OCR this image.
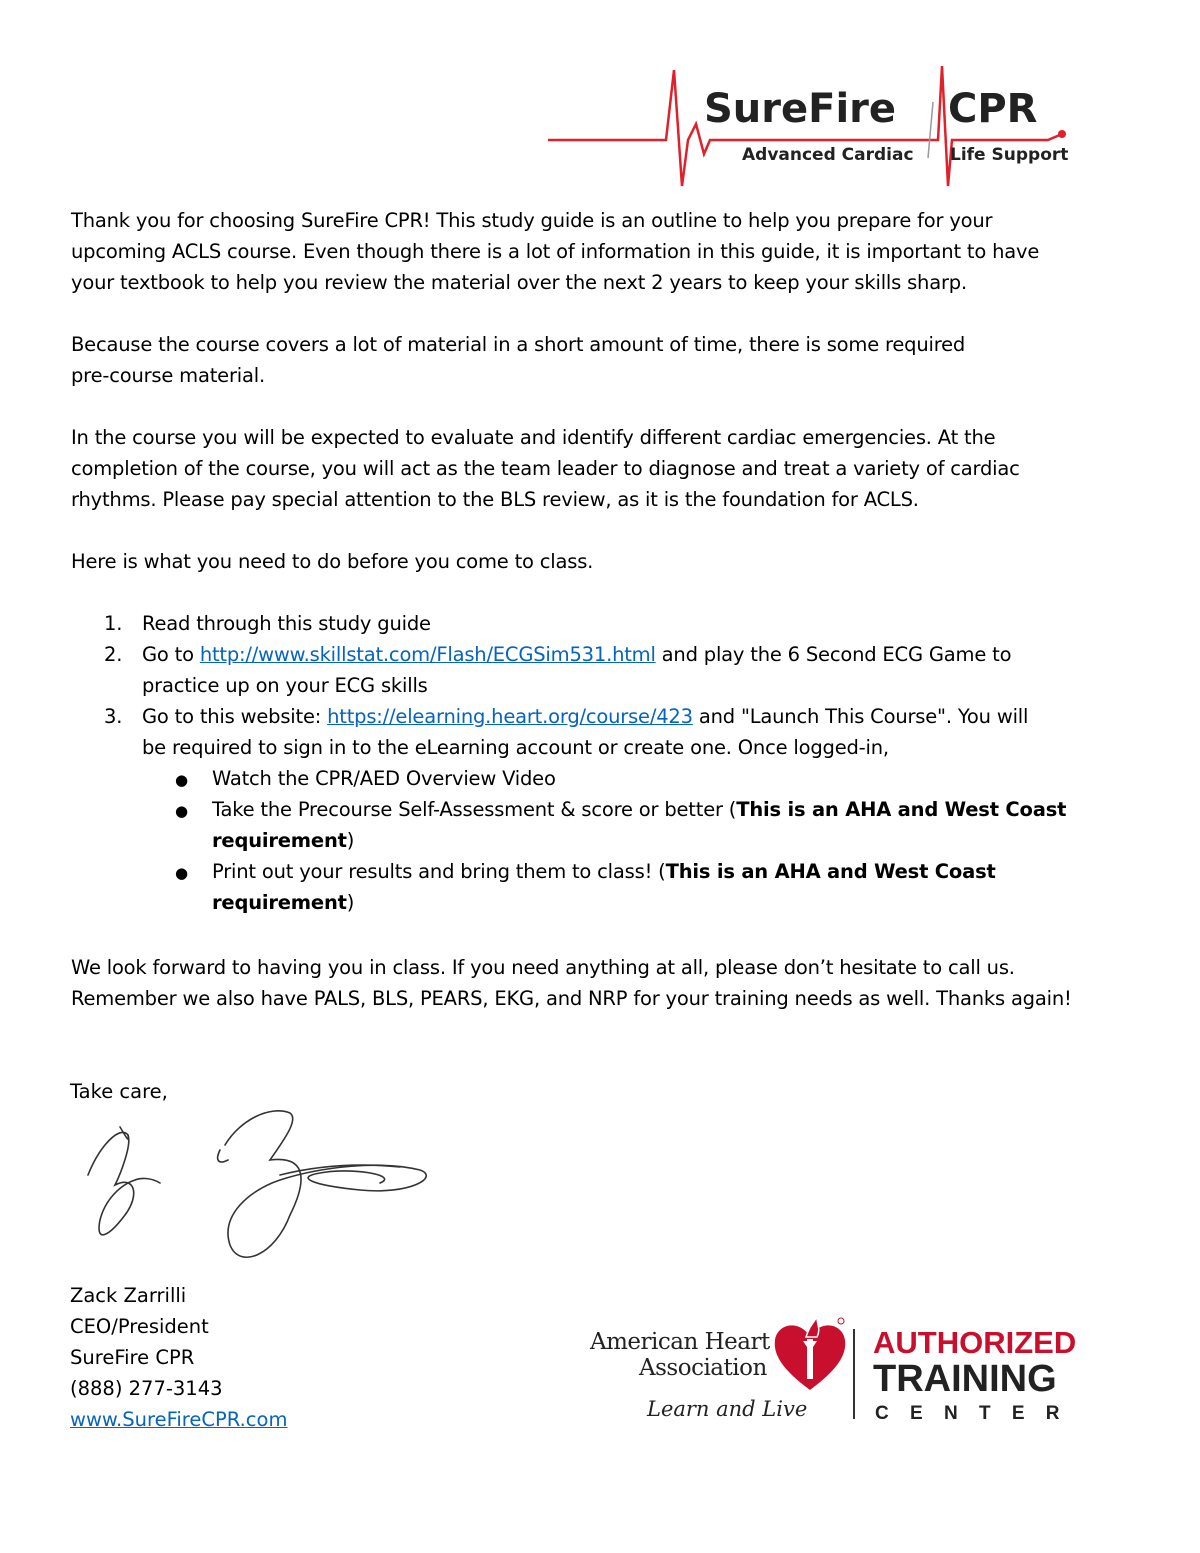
SureFire CPR
Advanced Cardiac Life Support
Thank you for choosing SureFire CPR! This study guide is an outline to help you prepare for your
upcoming ACLS course. Even though there is a lot of information in this guide, it is important to have
your textbook to help you review the material over the next 2 years to keep your skills sharp.
Because the course covers a lot of material in a short amount of time, there is some required
pre-course material.
In the course you will be expected to evaluate and identify different cardiac emergencies. At the
completion of the course, you will act as the team leader to diagnose and treat a variety of cardiac
rhythms. Please pay special attention to the BLS review, as it is the foundation for ACLS.
Here is what you need to do before you come to class.
1. Read through this study guide
2. Go to http://www.skillstat.com/Flash/ECGSim531.html and play the 6 Second ECG Game to
practice up on your ECG skills
3. Go to this website: https://elearning.heart.org/course/423 and "Launch This Course". You will
be required to sign in to the eLearning account or create one. Once logged-in,
● Watch the CPR/AED Overview Video
● Take the Precourse Self-Assessment & score or better (This is an AHA and West Coast
requirement)
● Print out your results and bring them to class! (This is an AHA and West Coast
requirement)
We look forward to having you in class. If you need anything at all, please don’t hesitate to call us.
Remember we also have PALS, BLS, PEARS, EKG, and NRP for your training needs as well. Thanks again!
Take care,
Zack Zarrilli
CEO/President
SureFire CPR
(888) 277-3143
www.SureFireCPR.com
American Heart
Association
Learn and Live
AUTHORIZED
TRAINING
C E N T E R
